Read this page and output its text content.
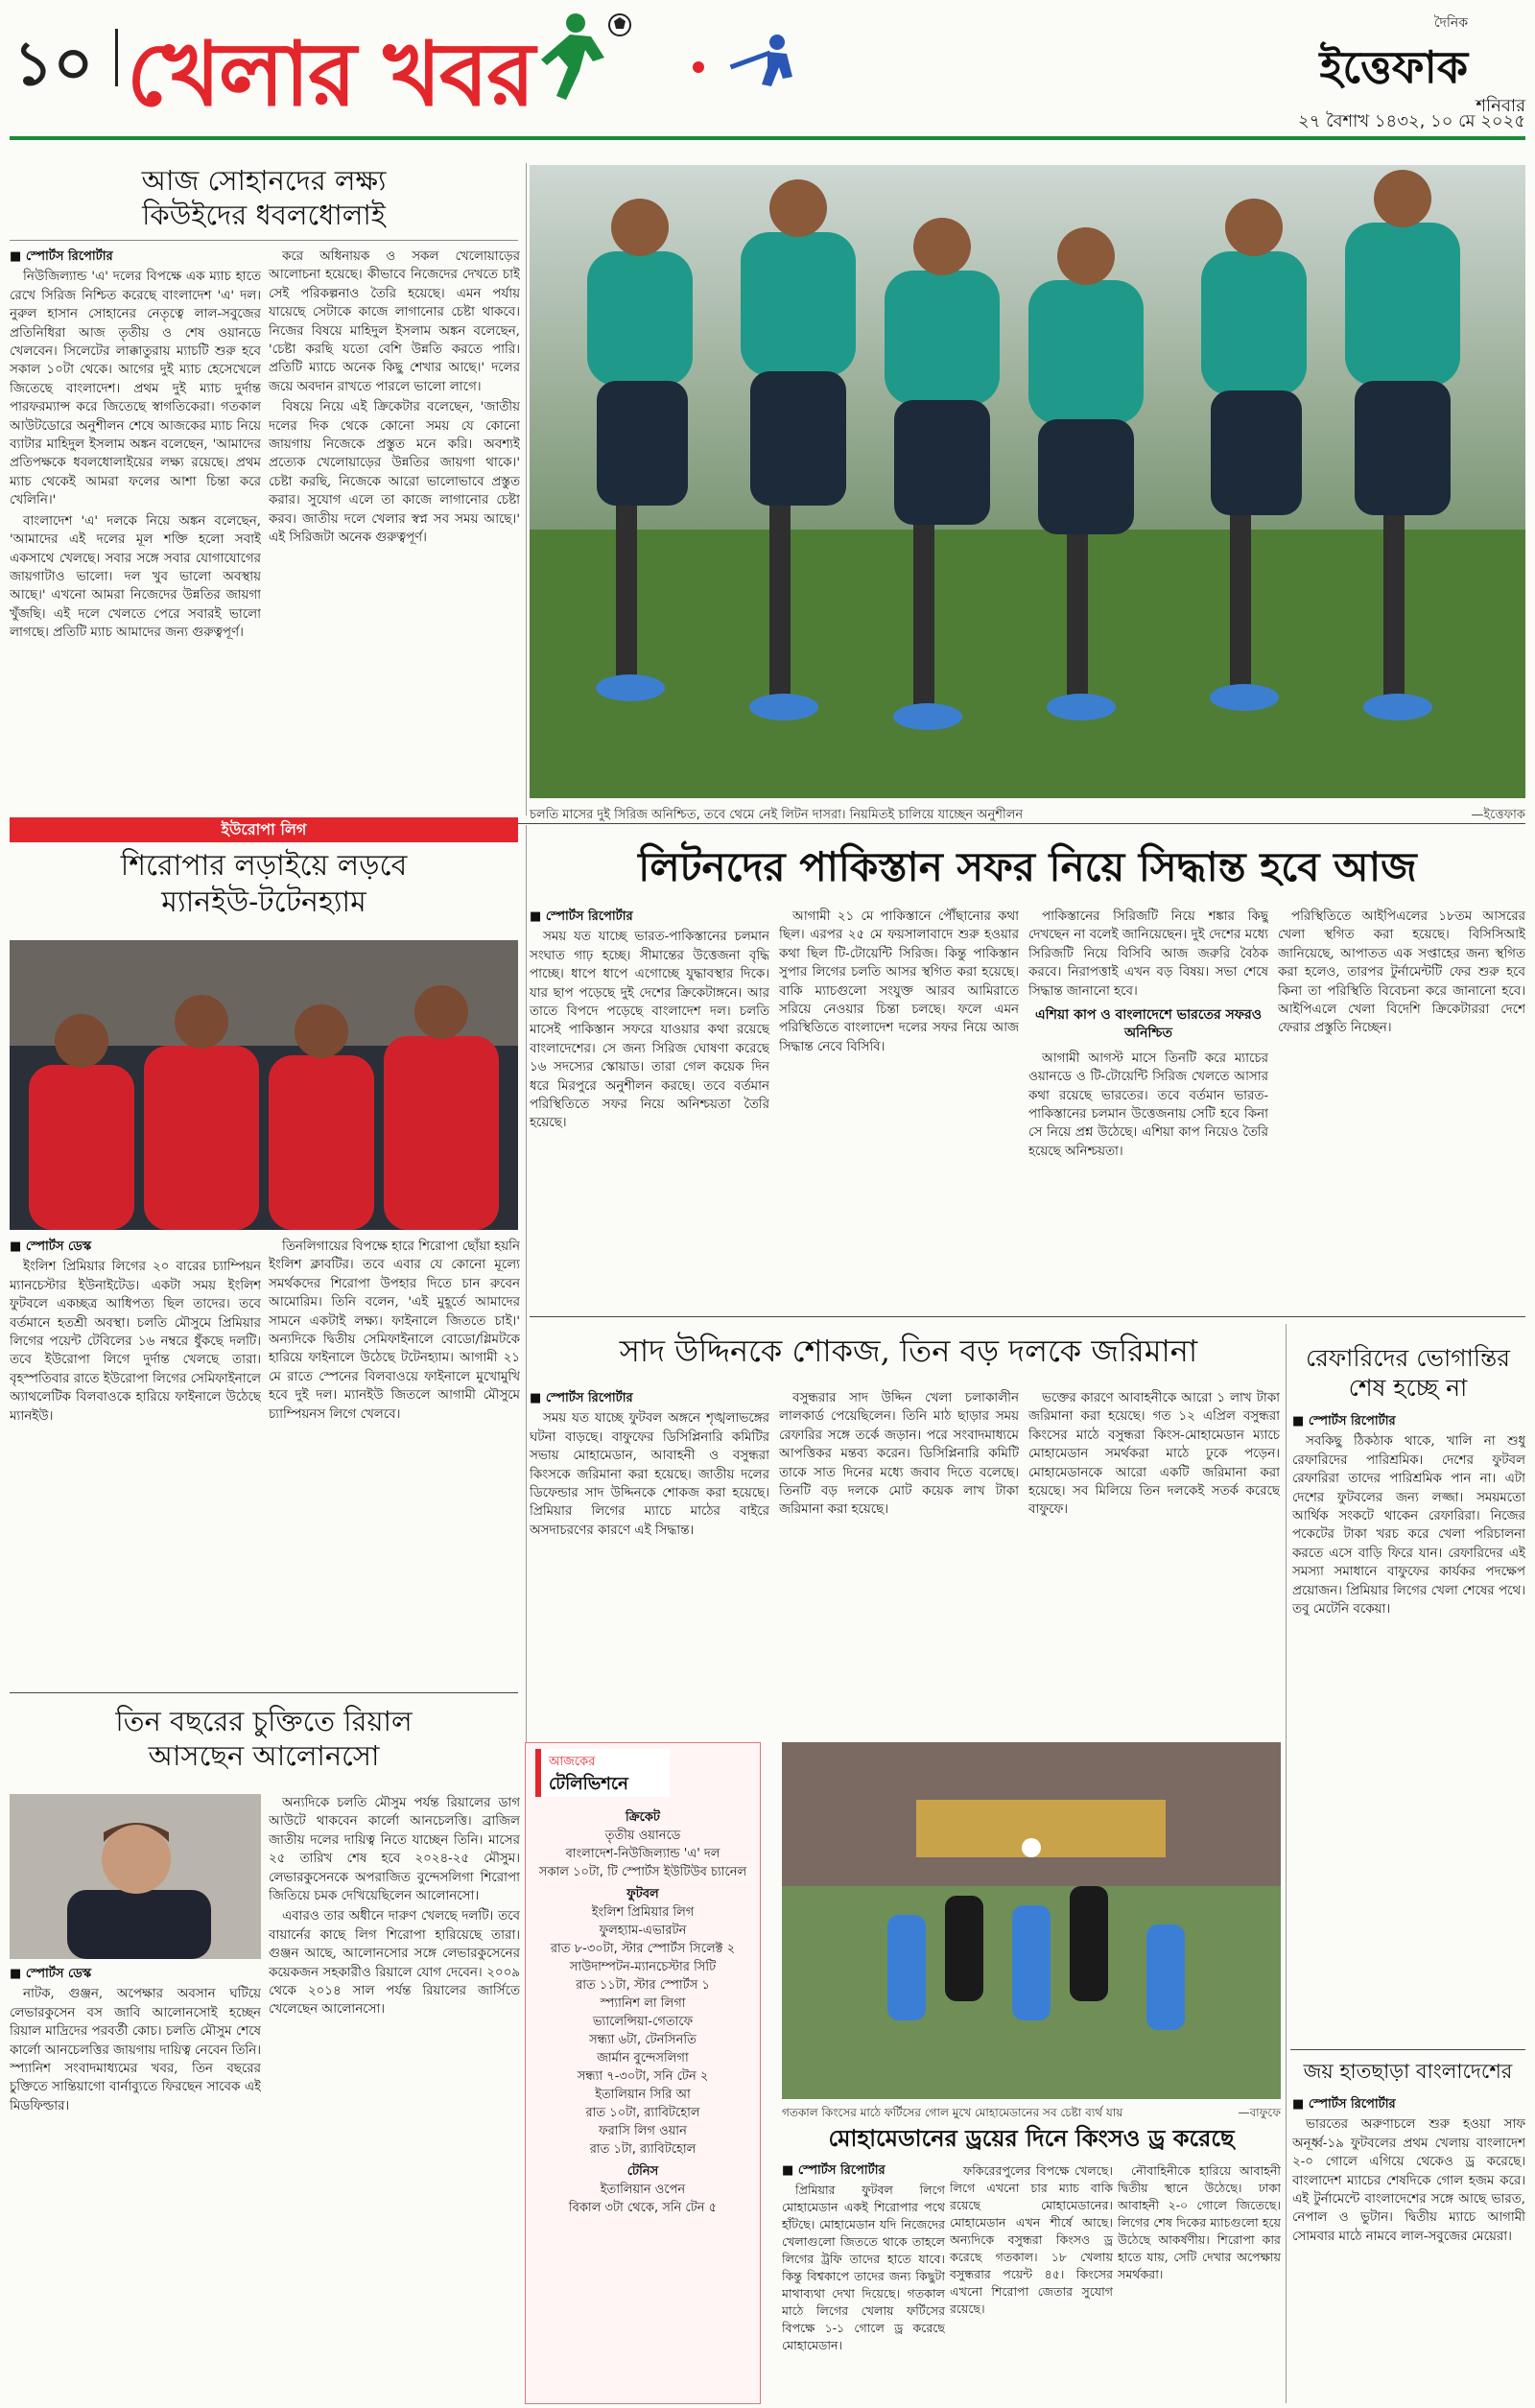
১০ খেলার খবর	দৈনিক
ইত্তেফাক
শনিবার
২৭ বৈশাখ ১৪৩২, ১০ মে ২০২৫
আজ সোহানদের লক্ষ্য
কিউইদের ধবলধোলাই
■ স্পোর্টস রিপোর্টার

নিউজিল্যান্ড 'এ' দলের বিপক্ষে এক ম্যাচ হাতে রেখে সিরিজ নিশ্চিত করেছে বাংলাদেশ 'এ' দল। নুরুল হাসান সোহানের নেতৃত্বে লাল-সবুজের প্রতিনিধিরা আজ তৃতীয় ও শেষ ওয়ানডে খেলবেন। সিলেটের লাক্কাতুরায় ম্যাচটি শুরু হবে সকাল ১০টা থেকে। আগের দুই ম্যাচ হেসেখেলে জিতেছে বাংলাদেশ। প্রথম দুই ম্যাচ দুর্দান্ত পারফরম্যান্স করে জিতেছে স্বাগতিকেরা। গতকাল আউটডোরে অনুশীলন শেষে আজকের ম্যাচ নিয়ে ব্যাটার মাহিদুল ইসলাম অঙ্কন বলেছেন, 'আমাদের প্রতিপক্ষকে ধবলধোলাইয়ের লক্ষ্য রয়েছে। প্রথম ম্যাচ থেকেই আমরা ফলের আশা চিন্তা করে খেলিনি।'

বাংলাদেশ 'এ' দলকে নিয়ে অঙ্কন বলেছেন, 'আমাদের এই দলের মূল শক্তি হলো সবাই একসাথে খেলছে। সবার সঙ্গে সবার যোগাযোগের জায়গাটাও ভালো। দল খুব ভালো অবস্থায় আছে।' এখনো আমরা নিজেদের উন্নতির জায়গা খুঁজছি। এই দলে খেলতে পেরে সবারই ভালো লাগছে। প্রতিটি ম্যাচ আমাদের জন্য গুরুত্বপূর্ণ।

করে অধিনায়ক ও সকল খেলোয়াড়ের আলোচনা হয়েছে। কীভাবে নিজেদের দেখতে চাই সেই পরিকল্পনাও তৈরি হয়েছে। এমন পর্যায় যায়েছে সেটাকে কাজে লাগানোর চেষ্টা থাকবে। নিজের বিষয়ে মাহিদুল ইসলাম অঙ্কন বলেছেন, 'চেষ্টা করছি যতো বেশি উন্নতি করতে পারি। প্রতিটি ম্যাচে অনেক কিছু শেখার আছে।' দলের জয়ে অবদান রাখতে পারলে ভালো লাগে।

বিষয়ে নিয়ে এই ক্রিকেটার বলেছেন, 'জাতীয় দলের দিক থেকে কোনো সময় যে কোনো জায়গায় নিজেকে প্রস্তুত মনে করি। অবশ্যই প্রত্যেক খেলোয়াড়ের উন্নতির জায়গা থাকে।' চেষ্টা করছি, নিজেকে আরো ভালোভাবে প্রস্তুত করার। সুযোগ এলে তা কাজে লাগানোর চেষ্টা করব। জাতীয় দলে খেলার স্বপ্ন সব সময় আছে।' এই সিরিজটা অনেক গুরুত্বপূর্ণ।

চলতি মাসের দুই সিরিজ অনিশ্চিত, তবে থেমে নেই লিটন দাসরা। নিয়মিতই চালিয়ে যাচ্ছেন অনুশীলন	—ইত্তেফাক
ইউরোপা লিগ
শিরোপার লড়াইয়ে লড়বে
ম্যানইউ-টটেনহ্যাম
■ স্পোর্টস ডেস্ক

ইংলিশ প্রিমিয়ার লিগের ২০ বারের চ্যাম্পিয়ন ম্যানচেস্টার ইউনাইটেড। একটা সময় ইংলিশ ফুটবলে একচ্ছত্র আধিপত্য ছিল তাদের। তবে বর্তমানে হতশ্রী অবস্থা। চলতি মৌসুমে প্রিমিয়ার লিগের পয়েন্ট টেবিলের ১৬ নম্বরে ধুঁকছে দলটি। তবে ইউরোপা লিগে দুর্দান্ত খেলছে তারা। বৃহস্পতিবার রাতে ইউরোপা লিগের সেমিফাইনালে অ্যাথলেটিক বিলবাওকে হারিয়ে ফাইনালে উঠেছে ম্যানইউ।

তিনলিগায়ের বিপক্ষে হারে শিরোপা ছোঁয়া হয়নি ইংলিশ ক্লাবটির। তবে এবার যে কোনো মূল্যে সমর্থকদের শিরোপা উপহার দিতে চান রুবেন আমোরিম। তিনি বলেন, 'এই মুহূর্তে আমাদের সামনে একটাই লক্ষ্য। ফাইনালে জিততে চাই।' অন্যদিকে দ্বিতীয় সেমিফাইনালে বোডো/গ্লিমটকে হারিয়ে ফাইনালে উঠেছে টটেনহ্যাম। আগামী ২১ মে রাতে স্পেনের বিলবাওয়ে ফাইনালে মুখোমুখি হবে দুই দল। ম্যানইউ জিতলে আগামী মৌসুমে চ্যাম্পিয়নস লিগে খেলবে।

তিন বছরের চুক্তিতে রিয়াল
আসছেন আলোনসো
■ স্পোর্টস ডেস্ক

নাটক, গুঞ্জন, অপেক্ষার অবসান ঘটিয়ে লেভারকুসেন বস জাবি আলোনসোই হচ্ছেন রিয়াল মাদ্রিদের পরবর্তী কোচ। চলতি মৌসুম শেষে কার্লো আনচেলত্তির জায়গায় দায়িত্ব নেবেন তিনি। স্প্যানিশ সংবাদমাধ্যমের খবর, তিন বছরের চুক্তিতে সান্তিয়াগো বার্নাব্যুতে ফিরছেন সাবেক এই মিডফিল্ডার।

অন্যদিকে চলতি মৌসুম পর্যন্ত রিয়ালের ডাগ আউটে থাকবেন কার্লো আনচেলত্তি। ব্রাজিল জাতীয় দলের দায়িত্ব নিতে যাচ্ছেন তিনি। মাসের ২৫ তারিখ শেষ হবে ২০২৪-২৫ মৌসুম। লেভারকুসেনকে অপরাজিত বুন্দেসলিগা শিরোপা জিতিয়ে চমক দেখিয়েছিলেন আলোনসো।

এবারও তার অধীনে দারুণ খেলছে দলটি। তবে বায়ার্নের কাছে লিগ শিরোপা হারিয়েছে তারা। গুঞ্জন আছে, আলোনসোর সঙ্গে লেভারকুসেনের কয়েকজন সহকারীও রিয়ালে যোগ দেবেন। ২০০৯ থেকে ২০১৪ সাল পর্যন্ত রিয়ালের জার্সিতে খেলেছেন আলোনসো।

লিটনদের পাকিস্তান সফর নিয়ে সিদ্ধান্ত হবে আজ
■ স্পোর্টস রিপোর্টার

সময় যত যাচ্ছে ভারত-পাকিস্তানের চলমান সংঘাত গাঢ় হচ্ছে। সীমান্তের উত্তেজনা বৃদ্ধি পাচ্ছে। ধাপে ধাপে এগোচ্ছে যুদ্ধাবস্থার দিকে। যার ছাপ পড়েছে দুই দেশের ক্রিকেটাঙ্গনে। আর তাতে বিপদে পড়েছে বাংলাদেশ দল। চলতি মাসেই পাকিস্তান সফরে যাওয়ার কথা রয়েছে বাংলাদেশের। সে জন্য সিরিজ ঘোষণা করেছে ১৬ সদস্যের স্কোয়াড। তারা গেল কয়েক দিন ধরে মিরপুরে অনুশীলন করছে। তবে বর্তমান পরিস্থিতিতে সফর নিয়ে অনিশ্চয়তা তৈরি হয়েছে।

আগামী ২১ মে পাকিস্তানে পৌঁছানোর কথা ছিল। এরপর ২৫ মে ফয়সালাবাদে শুরু হওয়ার কথা ছিল টি-টোয়েন্টি সিরিজ। কিন্তু পাকিস্তান সুপার লিগের চলতি আসর স্থগিত করা হয়েছে। বাকি ম্যাচগুলো সংযুক্ত আরব আমিরাতে সরিয়ে নেওয়ার চিন্তা চলছে। ফলে এমন পরিস্থিতিতে বাংলাদেশ দলের সফর নিয়ে আজ সিদ্ধান্ত নেবে বিসিবি।

পাকিস্তানের সিরিজটি নিয়ে শঙ্কার কিছু দেখছেন না বলেই জানিয়েছেন। দুই দেশের মধ্যে সিরিজটি নিয়ে বিসিবি আজ জরুরি বৈঠক করবে। নিরাপত্তাই এখন বড় বিষয়। সভা শেষে সিদ্ধান্ত জানানো হবে।

এশিয়া কাপ ও বাংলাদেশে ভারতের সফরও অনিশ্চিত

আগামী আগস্ট মাসে তিনটি করে ম্যাচের ওয়ানডে ও টি-টোয়েন্টি সিরিজ খেলতে আসার কথা রয়েছে ভারতের। তবে বর্তমান ভারত-পাকিস্তানের চলমান উত্তেজনায় সেটি হবে কিনা সে নিয়ে প্রশ্ন উঠেছে। এশিয়া কাপ নিয়েও তৈরি হয়েছে অনিশ্চয়তা।

পরিস্থিতিতে আইপিএলের ১৮তম আসরের খেলা স্থগিত করা হয়েছে। বিসিসিআই জানিয়েছে, আপাতত এক সপ্তাহের জন্য স্থগিত করা হলেও, তারপর টুর্নামেন্টটি ফের শুরু হবে কিনা তা পরিস্থিতি বিবেচনা করে জানানো হবে। আইপিএলে খেলা বিদেশি ক্রিকেটাররা দেশে ফেরার প্রস্তুতি নিচ্ছেন।

সাদ উদ্দিনকে শোকজ, তিন বড় দলকে জরিমানা
■ স্পোর্টস রিপোর্টার

সময় যত যাচ্ছে ফুটবল অঙ্গনে শৃঙ্খলাভঙ্গের ঘটনা বাড়ছে। বাফুফের ডিসিপ্লিনারি কমিটির সভায় মোহামেডান, আবাহনী ও বসুন্ধরা কিংসকে জরিমানা করা হয়েছে। জাতীয় দলের ডিফেন্ডার সাদ উদ্দিনকে শোকজ করা হয়েছে। প্রিমিয়ার লিগের ম্যাচে মাঠের বাইরে অসদাচরণের কারণে এই সিদ্ধান্ত।

বসুন্ধরার সাদ উদ্দিন খেলা চলাকালীন লালকার্ড পেয়েছিলেন। তিনি মাঠ ছাড়ার সময় রেফারির সঙ্গে তর্কে জড়ান। পরে সংবাদমাধ্যমে আপত্তিকর মন্তব্য করেন। ডিসিপ্লিনারি কমিটি তাকে সাত দিনের মধ্যে জবাব দিতে বলেছে। তিনটি বড় দলকে মোট কয়েক লাখ টাকা জরিমানা করা হয়েছে।

ভক্তের কারণে আবাহনীকে আরো ১ লাখ টাকা জরিমানা করা হয়েছে। গত ১২ এপ্রিল বসুন্ধরা কিংসের মাঠে বসুন্ধরা কিংস-মোহামেডান ম্যাচে মোহামেডান সমর্থকরা মাঠে ঢুকে পড়েন। মোহামেডানকে আরো একটি জরিমানা করা হয়েছে। সব মিলিয়ে তিন দলকেই সতর্ক করেছে বাফুফে।

আজকের
টেলিভিশনে
ক্রিকেট
তৃতীয় ওয়ানডে
বাংলাদেশ-নিউজিল্যান্ড 'এ' দল
সকাল ১০টা, টি স্পোর্টস ইউটিউব চ্যানেল
ফুটবল
ইংলিশ প্রিমিয়ার লিগ
ফুলহ্যাম-এভারটন
রাত ৮-৩০টা, স্টার স্পোর্টস সিলেক্ট ২
সাউদাম্পটন-ম্যানচেস্টার সিটি
রাত ১১টা, স্টার স্পোর্টস ১
স্প্যানিশ লা লিগা
ভ্যালেন্সিয়া-গেতাফে
সন্ধ্যা ৬টা, টেনসিনতি
জার্মান বুন্দেসলিগা
সন্ধ্যা ৭-৩০টা, সনি টেন ২
ইতালিয়ান সিরি আ
রাত ১০টা, র‍্যাবিটহোল
ফরাসি লিগ ওয়ান
রাত ১টা, র‍্যাবিটহোল
টেনিস
ইতালিয়ান ওপেন
বিকাল ৩টা থেকে, সনি টেন ৫
গতকাল কিংসের মাঠে ফর্টিসের গোল মুখে মোহামেডানের সব চেষ্টা ব্যর্থ যায়	—বাফুফে
মোহামেডানের ড্রয়ের দিনে কিংসও ড্র করেছে
■ স্পোর্টস রিপোর্টার

প্রিমিয়ার ফুটবল লিগে মোহামেডান একই শিরোপার পথে হাঁটছে। মোহামেডান যদি নিজেদের খেলাগুলো জিততে থাকে তাহলে লিগের ট্রফি তাদের হাতে যাবে। কিন্তু বিশ্বকাপে তাদের জন্য কিছুটা মাথাব্যথা দেখা দিয়েছে। গতকাল মাঠে লিগের খেলায় ফর্টিসের বিপক্ষে ১-১ গোলে ড্র করেছে মোহামেডান।

ফকিরেরপুলের বিপক্ষে খেলছে। লিগে এখনো চার ম্যাচ বাকি রয়েছে মোহামেডানের। মোহামেডান এখন শীর্ষে আছে। অন্যদিকে বসুন্ধরা কিংসও ড্র করেছে গতকাল। ১৮ খেলায় বসুন্ধরার পয়েন্ট ৪৫। কিংসের এখনো শিরোপা জেতার সুযোগ রয়েছে।

নৌবাহিনীকে হারিয়ে আবাহনী দ্বিতীয় স্থানে উঠেছে। ঢাকা আবাহনী ২-০ গোলে জিতেছে। লিগের শেষ দিকের ম্যাচগুলো হয়ে উঠেছে আকর্ষণীয়। শিরোপা কার হাতে যায়, সেটি দেখার অপেক্ষায় সমর্থকরা।

রেফারিদের ভোগান্তির
শেষ হচ্ছে না
■ স্পোর্টস রিপোর্টার

সবকিছু ঠিকঠাক থাকে, খালি না শুধু রেফারিদের পারিশ্রমিক। দেশের ফুটবল রেফারিরা তাদের পারিশ্রমিক পান না। এটা দেশের ফুটবলের জন্য লজ্জা। সময়মতো আর্থিক সংকটে থাকেন রেফারিরা। নিজের পকেটের টাকা খরচ করে খেলা পরিচালনা করতে এসে বাড়ি ফিরে যান। রেফারিদের এই সমস্যা সমাধানে বাফুফের কার্যকর পদক্ষেপ প্রয়োজন। প্রিমিয়ার লিগের খেলা শেষের পথে। তবু মেটেনি বকেয়া।

জয় হাতছাড়া বাংলাদেশের
■ স্পোর্টস রিপোর্টার

ভারতের অরুণাচলে শুরু হওয়া সাফ অনূর্ধ্ব-১৯ ফুটবলের প্রথম খেলায় বাংলাদেশ ২-০ গোলে এগিয়ে থেকেও ড্র করেছে। বাংলাদেশ ম্যাচের শেষদিকে গোল হজম করে। এই টুর্নামেন্টে বাংলাদেশের সঙ্গে আছে ভারত, নেপাল ও ভুটান। দ্বিতীয় ম্যাচে আগামী সোমবার মাঠে নামবে লাল-সবুজের মেয়েরা।
